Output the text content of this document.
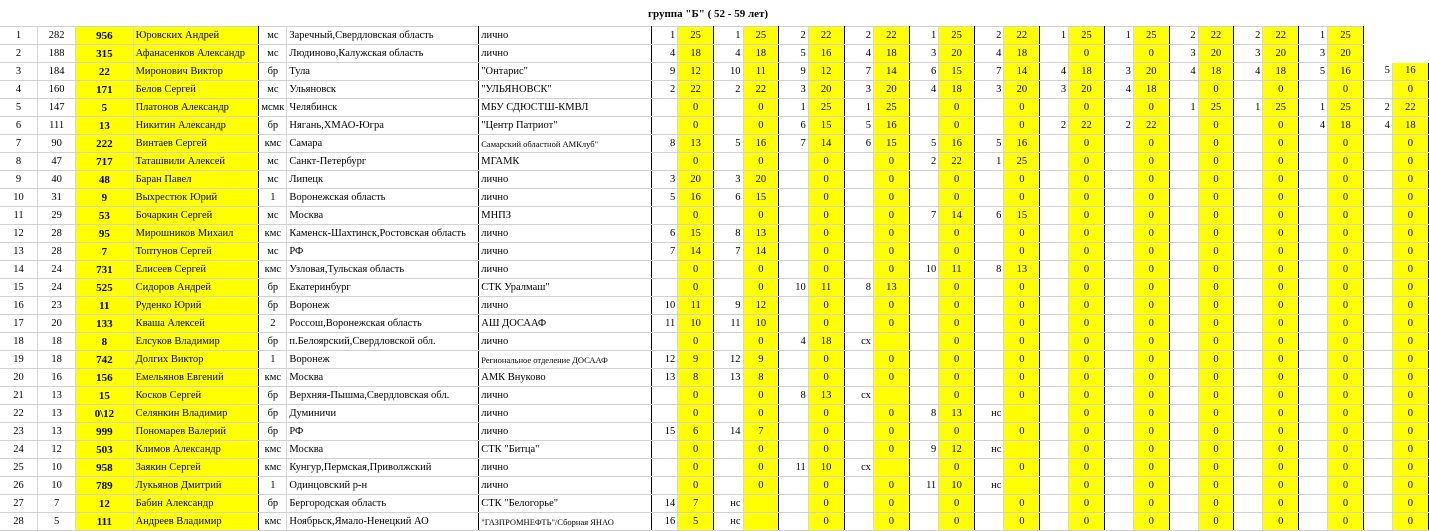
группа "Б" ( 52 - 59 лет)
1	282	956	Юровских Андрей	мс	Заречный,Свердловская область	лично	1	25	1	25	2	22	2	22	1	25	2	22	1	25	1	25	2	22	2	22	1	25		
2	188	315	Афанасенков Александр	мс	Людиново,Калужская область	лично	4	18	4	18	5	16	4	18	3	20	4	18		0		0	3	20	3	20	3	20		
3	184	22	Миронович Виктор	бр	Тула	"Онтарис"	9	12	10	11	9	12	7	14	6	15	7	14	4	18	3	20	4	18	4	18	5	16	5	16
4	160	171	Белов Сергей	мс	Ульяновск	"УЛЬЯНОВСК"	2	22	2	22	3	20	3	20	4	18	3	20	3	20	4	18		0		0		0		0
5	147	5	Платонов Александр	мсмк	Челябинск	МБУ СДЮСТШ-КМВЛ		0		0	1	25	1	25		0		0		0		0	1	25	1	25	1	25	2	22
6	111	13	Никитин Александр	бр	Нягань,ХМАО-Югра	"Центр Патриот"		0		0	6	15	5	16		0		0	2	22	2	22		0		0	4	18	4	18
7	90	222	Винтаев Сергей	кмс	Самара	Самарский областной АМКлуб"	8	13	5	16	7	14	6	15	5	16	5	16		0		0		0		0		0		0
8	47	717	Таташвили Алексей	мс	Санкт-Петербург	МГАМК		0		0		0		0	2	22	1	25		0		0		0		0		0		0
9	40	48	Баран Павел	мс	Липецк	лично	3	20	3	20		0		0		0		0		0		0		0		0		0		0
10	31	9	Выхрестюк Юрий	1	Воронежская область	лично	5	16	6	15		0		0		0		0		0		0		0		0		0		0
11	29	53	Бочаркин Сергей	мс	Москва	МНПЗ		0		0		0		0	7	14	6	15		0		0		0		0		0		0
12	28	95	Мирошников Михаил	кмс	Каменск-Шахтинск,Ростовская область	лично	6	15	8	13		0		0		0		0		0		0		0		0		0		0
13	28	7	Топтунов Сергей	мс	РФ	лично	7	14	7	14		0		0		0		0		0		0		0		0		0		0
14	24	731	Елисеев Сергей	кмс	Узловая,Тульская область	лично		0		0		0		0	10	11	8	13		0		0		0		0		0		0
15	24	525	Сидоров Андрей	бр	Екатеринбург	СТК Уралмаш"		0		0	10	11	8	13		0		0		0		0		0		0		0		0
16	23	11	Руденко Юрий	бр	Воронеж	лично	10	11	9	12		0		0		0		0		0		0		0		0		0		0
17	20	133	Кваша Алексей	2	Россош,Воронежская область	АШ ДОСААФ	11	10	11	10		0		0		0		0		0		0		0		0		0		0
18	18	8	Елсуков Владимир	бр	п.Белоярский,Свердловской обл.	лично		0		0	4	18	сх			0		0		0		0		0		0		0		0
19	18	742	Долгих Виктор	1	Воронеж	Региональное отделение ДОСААФ	12	9	12	9		0		0		0		0		0		0		0		0		0		0
20	16	156	Емельянов Евгений	кмс	Москва	АМК Внуково	13	8	13	8		0		0		0		0		0		0		0		0		0		0
21	13	15	Косков Сергей	бр	Верхняя-Пышма,Свердловская обл.	лично		0		0	8	13	сх			0		0		0		0		0		0		0		0
22	13	0\12	Селянкин Владимир	бр	Думиничи	лично		0		0		0		0	8	13	нс			0		0		0		0		0		0
23	13	999	Пономарев Валерий	бр	РФ	лично	15	6	14	7		0		0		0		0		0		0		0		0		0		0
24	12	503	Климов Александр	кмс	Москва	СТК "Битца"		0		0		0		0	9	12	нс			0		0		0		0		0		0
25	10	958	Заякин Сергей	кмс	Кунгур,Пермская,Приволжский	лично		0		0	11	10	сх			0		0		0		0		0		0		0		0
26	10	789	Лукьянов Дмитрий	1	Одинцовский р-н	лично		0		0		0		0	11	10	нс			0		0		0		0		0		0
27	7	12	Бабин Александр	бр	Бергородская область	СТК "Белогорье"	14	7	нс			0		0		0		0		0		0		0		0		0		0
28	5	111	Андреев Владимир	кмс	Ноябрьск,Ямало-Ненецкий АО	"ГАЗПРОМНЕФТЬ"/Сборная ЯНАО	16	5	нс			0		0		0		0		0		0		0		0		0		0
